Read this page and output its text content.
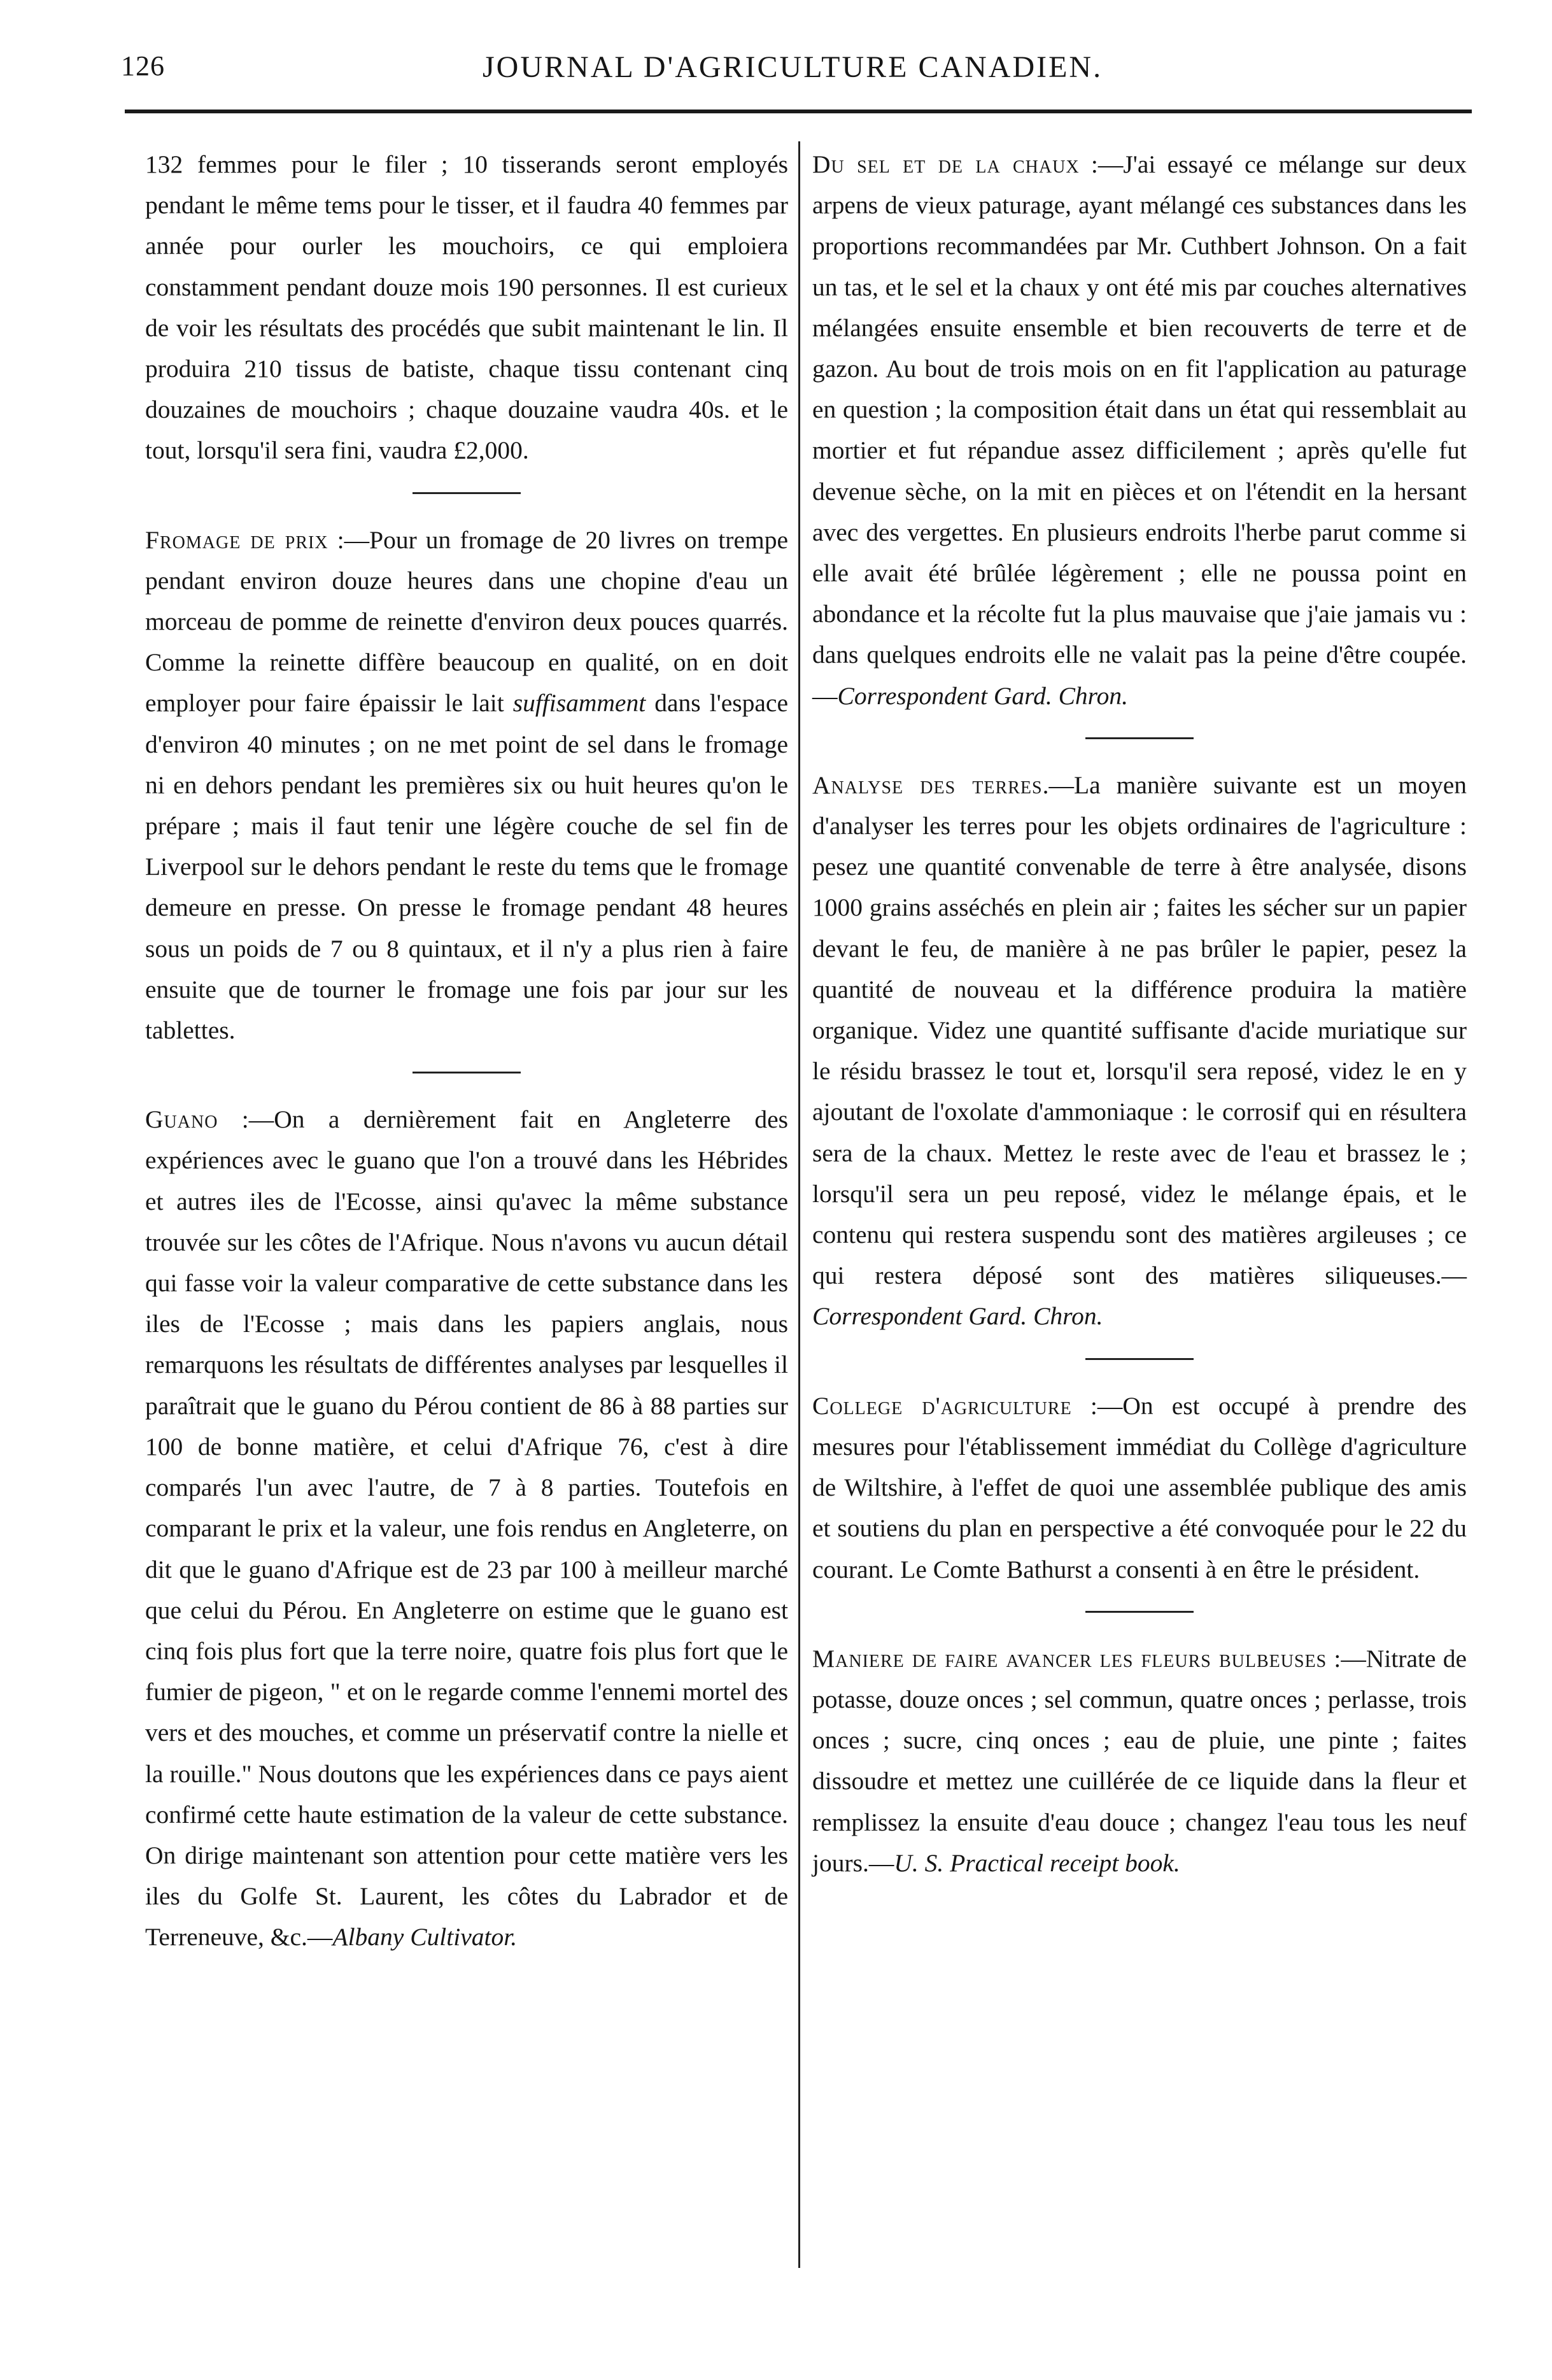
126	JOURNAL D'AGRICULTURE CANADIEN.

132 femmes pour le filer ; 10 tisserands seront employés pendant le même tems pour le tisser, et il faudra 40 femmes par année pour ourler les mouchoirs, ce qui emploiera constamment pendant douze mois 190 personnes. Il est curieux de voir les résultats des procédés que subit maintenant le lin. Il produira 210 tissus de batiste, chaque tissu contenant cinq douzaines de mouchoirs ; chaque douzaine vaudra 40s. et le tout, lorsqu'il sera fini, vaudra £2,000.

Fromage de prix :—Pour un fromage de 20 livres on trempe pendant environ douze heures dans une chopine d'eau un morceau de pomme de reinette d'environ deux pouces quarrés. Comme la reinette diffère beaucoup en qualité, on en doit employer pour faire épaissir le lait suffisamment dans l'espace d'environ 40 minutes ; on ne met point de sel dans le fromage ni en dehors pendant les premières six ou huit heures qu'on le prépare ; mais il faut tenir une légère couche de sel fin de Liverpool sur le dehors pendant le reste du tems que le fromage demeure en presse. On presse le fromage pendant 48 heures sous un poids de 7 ou 8 quintaux, et il n'y a plus rien à faire ensuite que de tourner le fromage une fois par jour sur les tablettes.

Guano :—On a dernièrement fait en Angleterre des expériences avec le guano que l'on a trouvé dans les Hébrides et autres iles de l'Ecosse, ainsi qu'avec la même substance trouvée sur les côtes de l'Afrique. Nous n'avons vu aucun détail qui fasse voir la valeur comparative de cette substance dans les iles de l'Ecosse ; mais dans les papiers anglais, nous remarquons les résultats de différentes analyses par lesquelles il paraîtrait que le guano du Pérou contient de 86 à 88 parties sur 100 de bonne matière, et celui d'Afrique 76, c'est à dire comparés l'un avec l'autre, de 7 à 8 parties. Toutefois en comparant le prix et la valeur, une fois rendus en Angleterre, on dit que le guano d'Afrique est de 23 par 100 à meilleur marché que celui du Pérou. En Angleterre on estime que le guano est cinq fois plus fort que la terre noire, quatre fois plus fort que le fumier de pigeon, " et on le regarde comme l'ennemi mortel des vers et des mouches, et comme un préservatif contre la nielle et la rouille." Nous doutons que les expériences dans ce pays aient confirmé cette haute estimation de la valeur de cette substance. On dirige maintenant son attention pour cette matière vers les iles du Golfe St. Laurent, les côtes du Labrador et de Terreneuve, &c.—Albany Cultivator.

Du sel et de la chaux :—J'ai essayé ce mélange sur deux arpens de vieux paturage, ayant mélangé ces substances dans les proportions recommandées par Mr. Cuthbert Johnson. On a fait un tas, et le sel et la chaux y ont été mis par couches alternatives mélangées ensuite ensemble et bien recouverts de terre et de gazon. Au bout de trois mois on en fit l'application au paturage en question ; la composition était dans un état qui ressemblait au mortier et fut répandue assez difficilement ; après qu'elle fut devenue sèche, on la mit en pièces et on l'étendit en la hersant avec des vergettes. En plusieurs endroits l'herbe parut comme si elle avait été brûlée légèrement ; elle ne poussa point en abondance et la récolte fut la plus mauvaise que j'aie jamais vu : dans quelques endroits elle ne valait pas la peine d'être coupée.—Correspondent Gard. Chron.

Analyse des terres.—La manière suivante est un moyen d'analyser les terres pour les objets ordinaires de l'agriculture : pesez une quantité convenable de terre à être analysée, disons 1000 grains asséchés en plein air ; faites les sécher sur un papier devant le feu, de manière à ne pas brûler le papier, pesez la quantité de nouveau et la différence produira la matière organique. Videz une quantité suffisante d'acide muriatique sur le résidu brassez le tout et, lorsqu'il sera reposé, videz le en y ajoutant de l'oxolate d'ammoniaque : le corrosif qui en résultera sera de la chaux. Mettez le reste avec de l'eau et brassez le ; lorsqu'il sera un peu reposé, videz le mélange épais, et le contenu qui restera suspendu sont des matières argileuses ; ce qui restera déposé sont des matières siliqueuses.—Correspondent Gard. Chron.

College d'agriculture :—On est occupé à prendre des mesures pour l'établissement immédiat du Collège d'agriculture de Wiltshire, à l'effet de quoi une assemblée publique des amis et soutiens du plan en perspective a été convoquée pour le 22 du courant. Le Comte Bathurst a consenti à en être le président.

Maniere de faire avancer les fleurs bulbeuses :—Nitrate de potasse, douze onces ; sel commun, quatre onces ; perlasse, trois onces ; sucre, cinq onces ; eau de pluie, une pinte ; faites dissoudre et mettez une cuillérée de ce liquide dans la fleur et remplissez la ensuite d'eau douce ; changez l'eau tous les neuf jours.—U. S. Practical receipt book.
